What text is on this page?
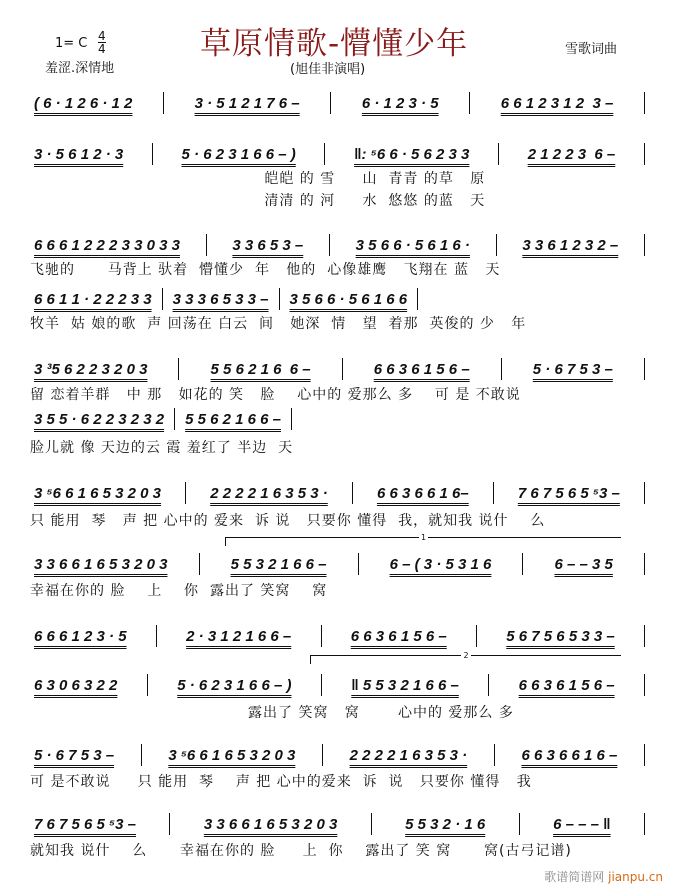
草原情歌-懵懂少年
1= C 4
4
羞涩.深情地	(旭佳非演唱)
雪歌词曲
( 6 · 1 2 6 · 1 2	3 · 5 1 2 1 7 6 –	6 · 1 2 3 · 5	6 6 1 2 3 1 2  3 –
3 · 5 6 1 2 · 3	5 · 6 2 3 1 6 6 – )	‖: ⁵6 6 · 5 6 2 3 3	2 1 2 2 3  6 –
皑皑 的 雪     山  青青 的草   原
清清 的 河     水  悠悠 的蓝   天
6 6 6 1 2 2 2 3 3 0 3 3	3 3 6 5 3 –	3 5 6 6 · 5 6 1 6 ·	3 3 6 1 2 3 2 –
飞驰的      马背上 驮着  懵懂少  年   他的  心像雄鹰   飞翔在 蓝   天
6 6 1 1 · 2 2 2 3 3 3 3 3 6 5 3 3 – 3 5 6 6 · 5 6 1 6 6
牧羊  姑 娘的歌  声 回荡在 白云  间   她深  情   望  着那  英俊的 少   年
3 ³5 6 2 2 3 2 0 3	5 5 6 2 1 6  6 –	6 6 3 6 1 5 6 –	5 · 6 7 5 3 –
留 恋着羊群   中 那   如花的 笑   脸    心中的 爱那么 多    可 是 不敢说
3 5 5 · 6 2 2 3 2 3 2 5 5 6 2 1 6 6 –
脸儿就 像 天边的云 霞 羞红了 半边  天
3 ⁵6 6 1 6 5 3 2 0 3	2 2 2 2 1 6 3 5 3 ·	6 6 3 6 6 1 6–	7 6 7 5 6 5 ⁵3 –
只 能用  琴   声 把 心中的 爱来  诉 说   只要你 懂得  我，就知我 说什    么
3 3 6 6 1 6 5 3 2 0 3	5 5 3 2 1 6 6 –	6 – ( 3 · 5 3 1 6	6 – – 3 5
幸福在你的 脸    上    你  露出了 笑窝    窝
6 6 6 1 2 3 · 5	2 · 3 1 2 1 6 6 –	6 6 3 6 1 5 6 –	5 6 7 5 6 5 3 3 –
6 3 0 6 3 2 2	5 · 6 2 3 1 6 6 – )	‖ 5 5 3 2 1 6 6 –	6 6 3 6 1 5 6 –
露出了 笑窝   窝       心中的 爱那么 多
5 · 6 7 5 3 –	3 ⁵6 6 1 6 5 3 2 0 3	2 2 2 2 1 6 3 5 3 ·	6 6 3 6 6 1 6 –
可 是不敢说     只 能用  琴    声 把 心中的爱来  诉  说   只要你 懂得   我
7 6 7 5 6 5 ⁵3 –	3 3 6 6 1 6 5 3 2 0 3	5 5 3 2 · 1 6	6 – – – ‖
就知我 说什    么      幸福在你的 脸     上  你    露出了 笑 窝      窝(古弓记谱)
1
2
歌谱简谱网 jianpu.cn
